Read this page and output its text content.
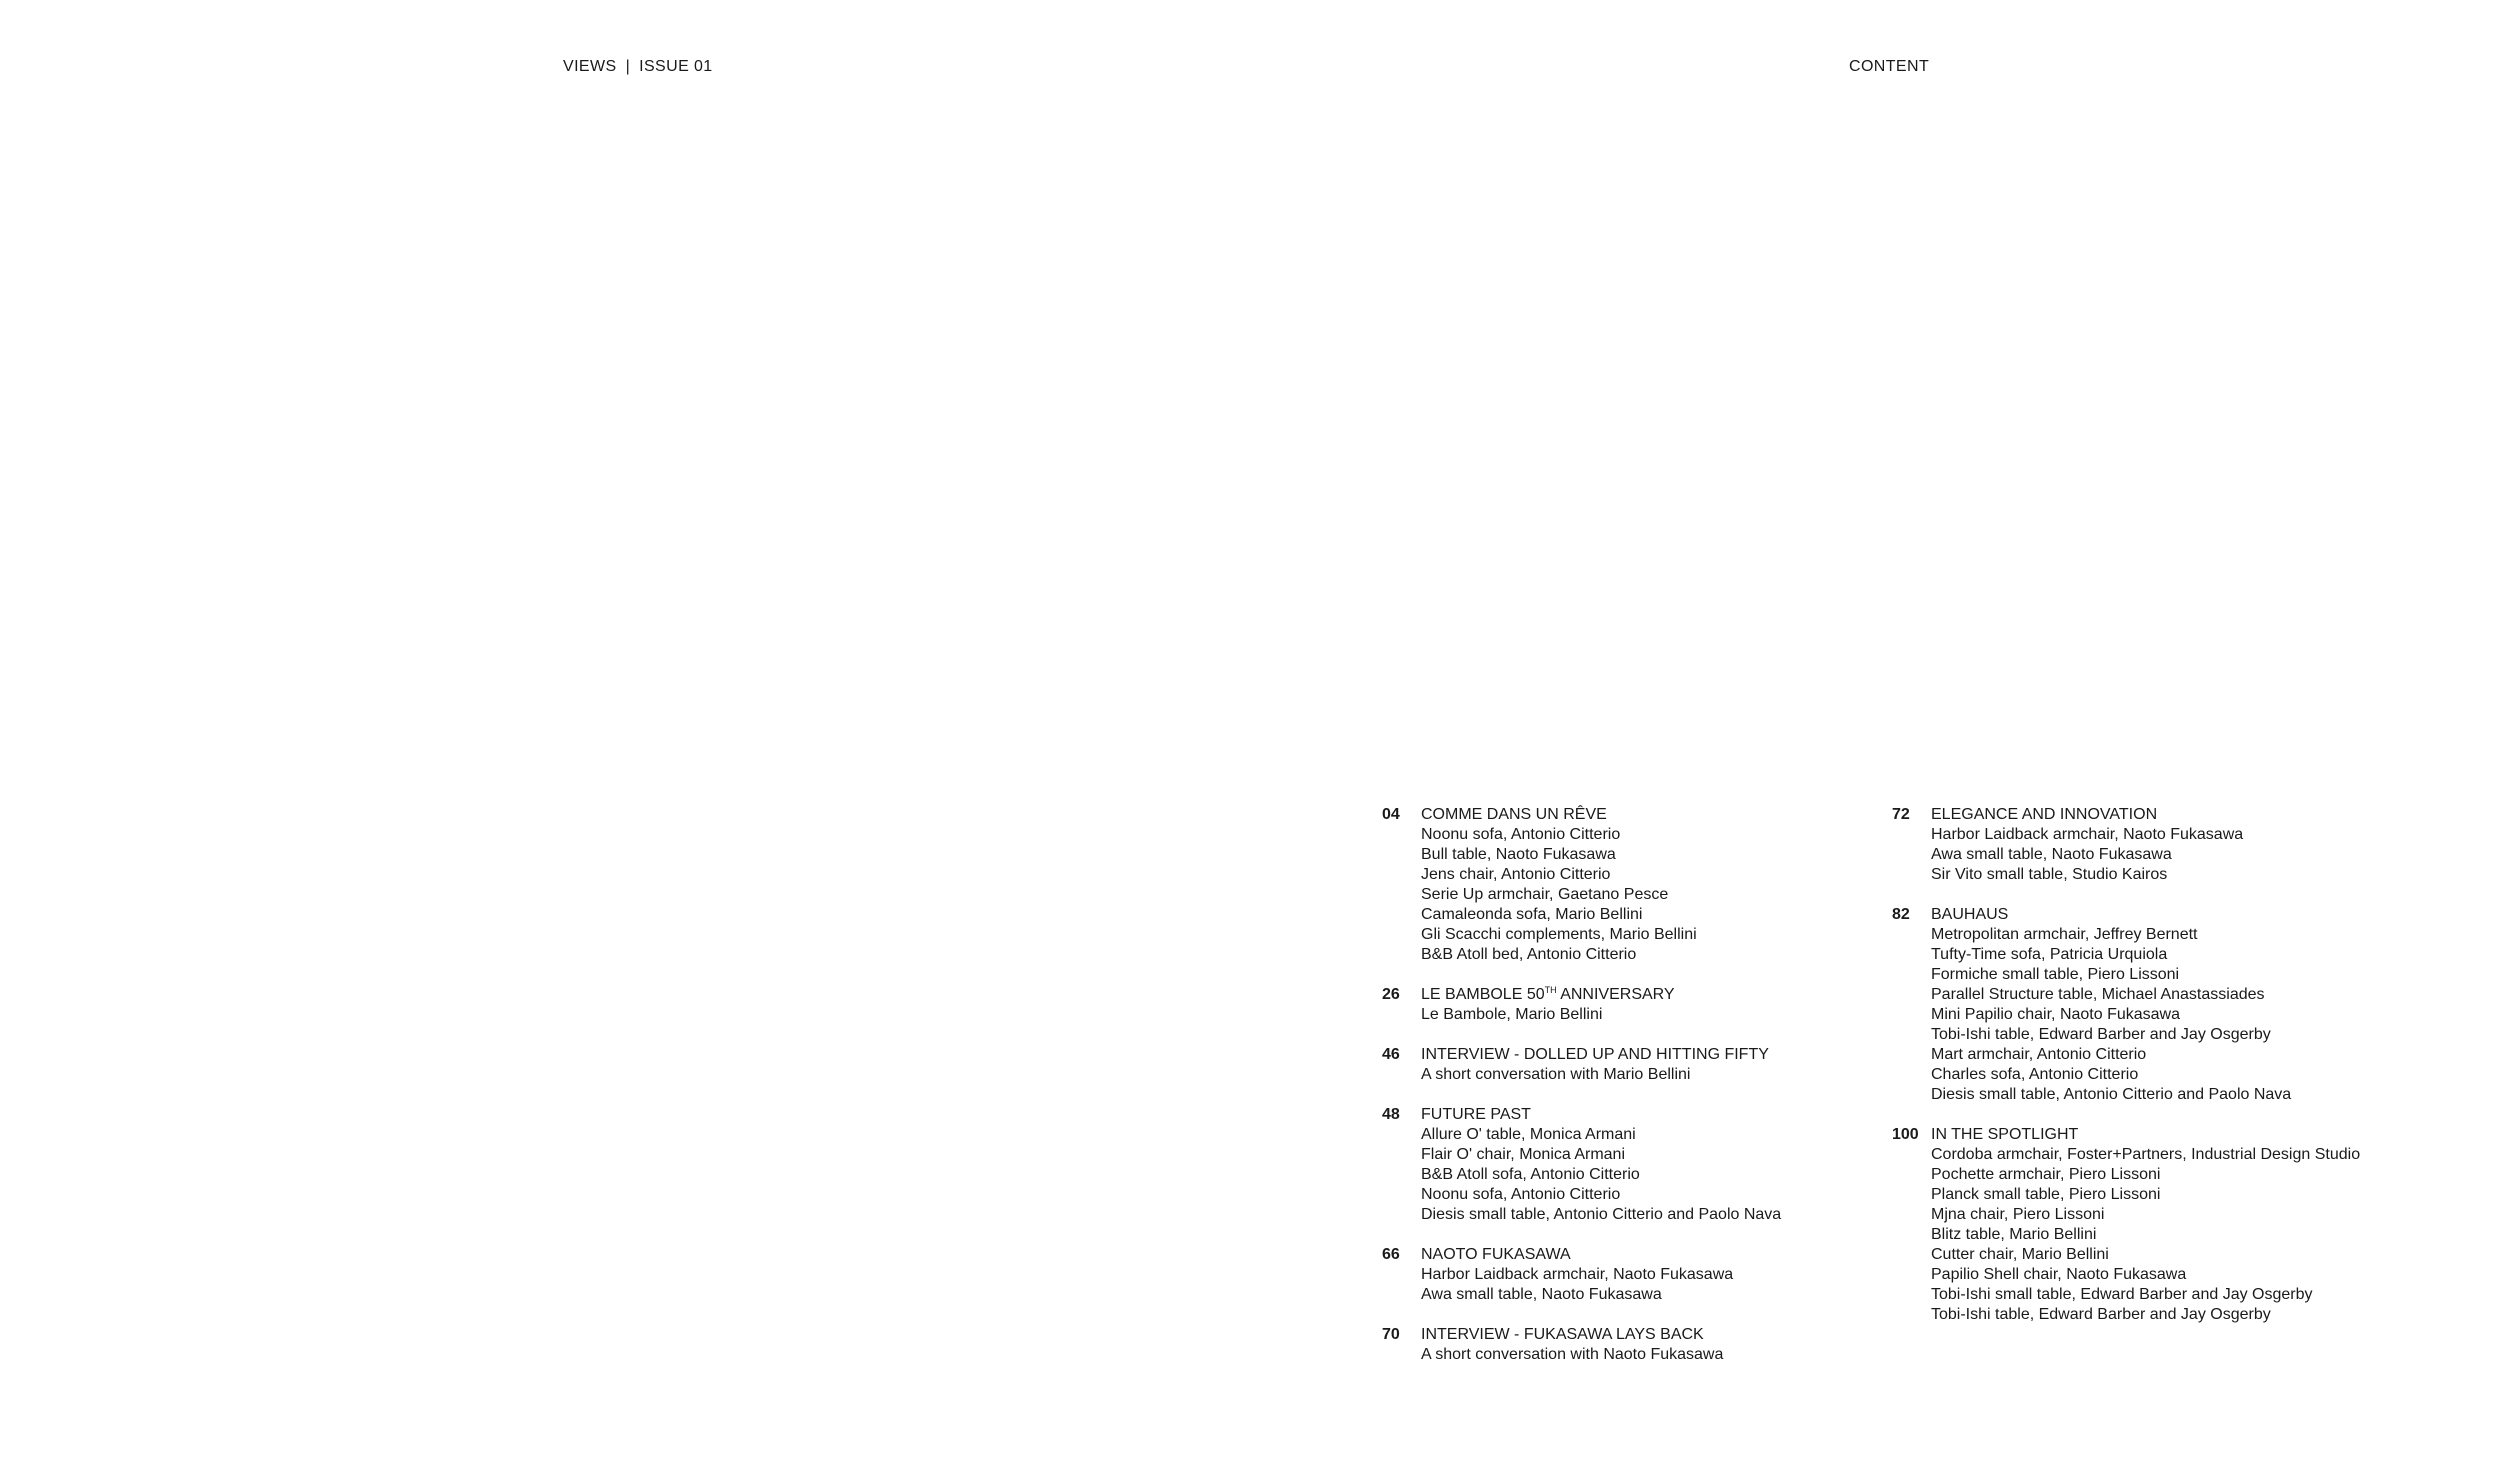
VIEWS | ISSUE 01	CONTENT
04 COMME DANS UN RÊVE
Noonu sofa, Antonio Citterio
Bull table, Naoto Fukasawa
Jens chair, Antonio Citterio
Serie Up armchair, Gaetano Pesce
Camaleonda sofa, Mario Bellini
Gli Scacchi complements, Mario Bellini
B&B Atoll bed, Antonio Citterio
26 LE BAMBOLE 50TH ANNIVERSARY
Le Bambole, Mario Bellini
46 INTERVIEW - DOLLED UP AND HITTING FIFTY
A short conversation with Mario Bellini
48 FUTURE PAST
Allure O' table, Monica Armani
Flair O' chair, Monica Armani
B&B Atoll sofa, Antonio Citterio
Noonu sofa, Antonio Citterio
Diesis small table, Antonio Citterio and Paolo Nava
66 NAOTO FUKASAWA
Harbor Laidback armchair, Naoto Fukasawa
Awa small table, Naoto Fukasawa
70 INTERVIEW - FUKASAWA LAYS BACK
A short conversation with Naoto Fukasawa
72 ELEGANCE AND INNOVATION
Harbor Laidback armchair, Naoto Fukasawa
Awa small table, Naoto Fukasawa
Sir Vito small table, Studio Kairos
82 BAUHAUS
Metropolitan armchair, Jeffrey Bernett
Tufty-Time sofa, Patricia Urquiola
Formiche small table, Piero Lissoni
Parallel Structure table, Michael Anastassiades
Mini Papilio chair, Naoto Fukasawa
Tobi-Ishi table, Edward Barber and Jay Osgerby
Mart armchair, Antonio Citterio
Charles sofa, Antonio Citterio
Diesis small table, Antonio Citterio and Paolo Nava
100 IN THE SPOTLIGHT
Cordoba armchair, Foster+Partners, Industrial Design Studio
Pochette armchair, Piero Lissoni
Planck small table, Piero Lissoni
Mjna chair, Piero Lissoni
Blitz table, Mario Bellini
Cutter chair, Mario Bellini
Papilio Shell chair, Naoto Fukasawa
Tobi-Ishi small table, Edward Barber and Jay Osgerby
Tobi-Ishi table, Edward Barber and Jay Osgerby
